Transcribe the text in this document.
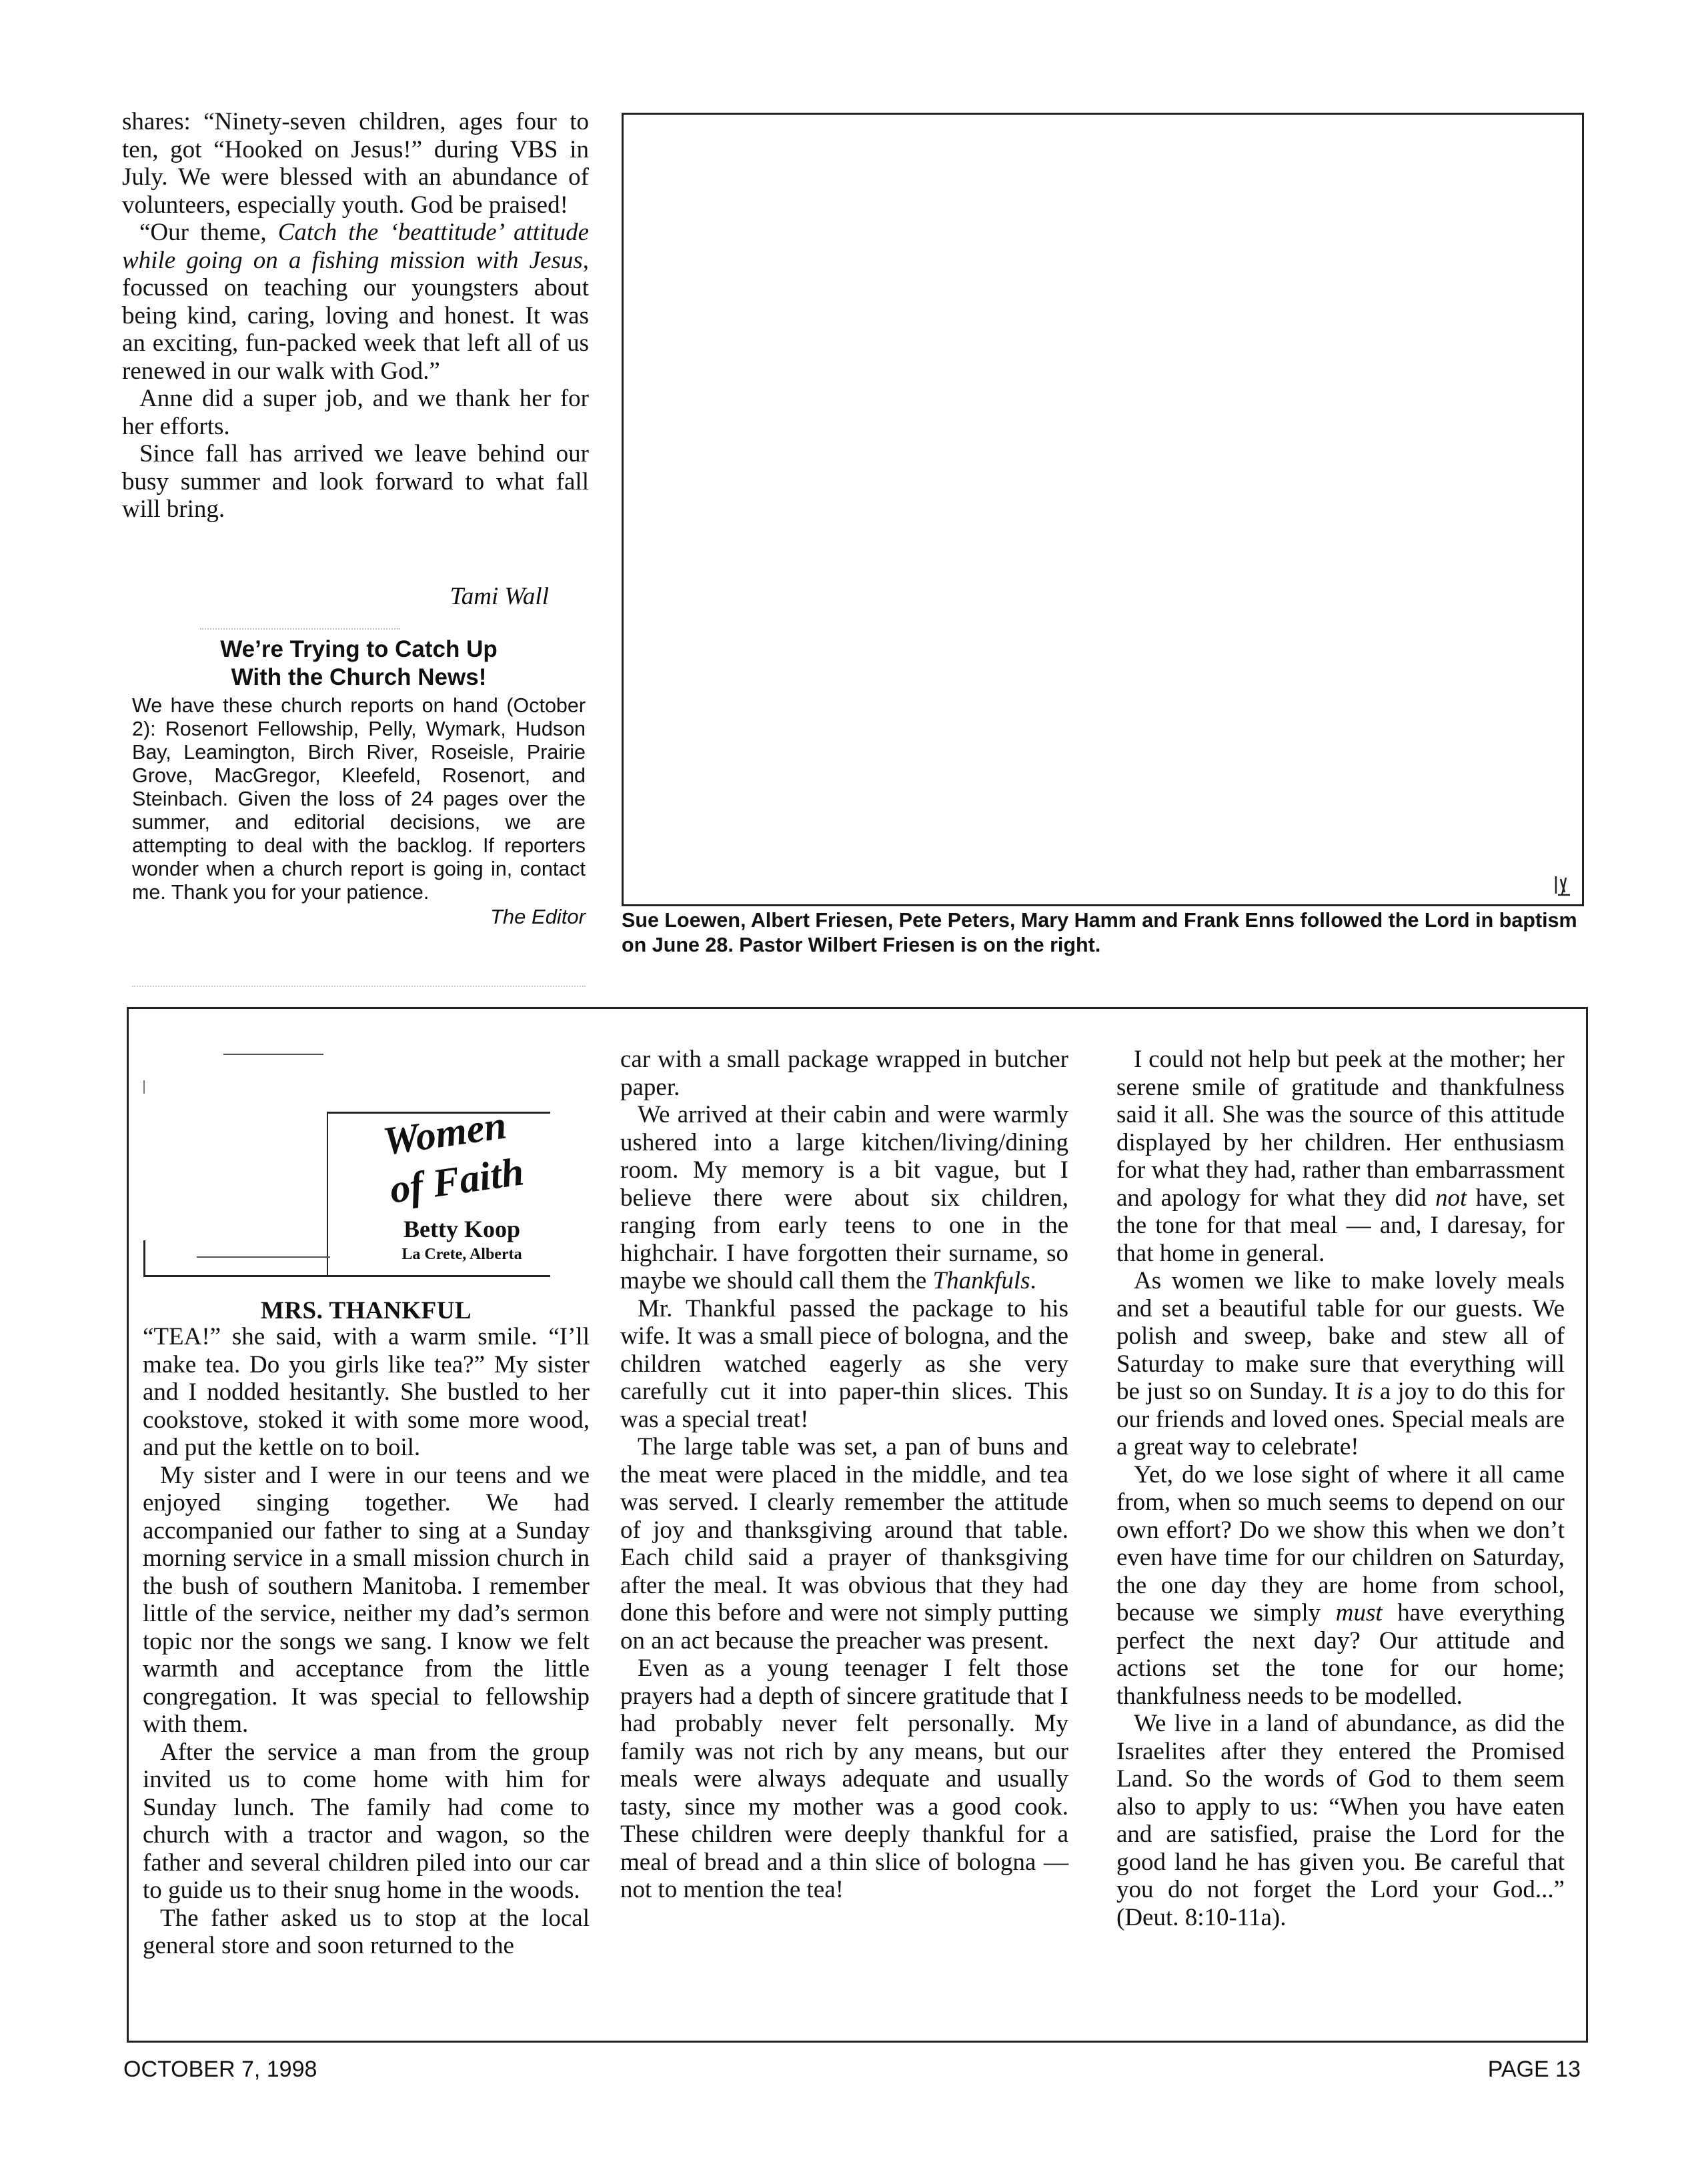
shares: “Ninety-seven children, ages four to ten, got “Hooked on Jesus!” during VBS in July. We were blessed with an abundance of volunteers, especially youth. God be praised!

“Our theme, Catch the ‘beattitude’ attitude while going on a fishing mission with Jesus, focussed on teaching our youngsters about being kind, caring, loving and honest. It was an exciting, fun-packed week that left all of us renewed in our walk with God.”

Anne did a super job, and we thank her for her efforts.

Since fall has arrived we leave behind our busy summer and look forward to what fall will bring.

Tami Wall
We’re Trying to Catch Up
With the Church News!

We have these church reports on hand (October 2): Rosenort Fellowship, Pelly, Wymark, Hudson Bay, Leamington, Birch River, Roseisle, Prairie Grove, MacGregor, Kleefeld, Rosenort, and Steinbach. Given the loss of 24 pages over the summer, and editorial decisions, we are attempting to deal with the backlog. If reporters wonder when a church report is going in, contact me. Thank you for your patience.

The Editor Sue Loewen, Albert Friesen, Pete Peters, Mary Hamm and Frank Enns followed the Lord in baptism on June 28. Pastor Wilbert Friesen is on the right.

Women
of Faith
Betty Koop
La Crete, Alberta
MRS. THANKFUL

“TEA!” she said, with a warm smile. “I’ll make tea. Do you girls like tea?” My sister and I nodded hesitantly. She bustled to her cookstove, stoked it with some more wood, and put the kettle on to boil.

My sister and I were in our teens and we enjoyed singing together. We had accompanied our father to sing at a Sunday morning service in a small mission church in the bush of southern Manitoba. I remember little of the service, neither my dad’s sermon topic nor the songs we sang. I know we felt warmth and acceptance from the little congregation. It was special to fellowship with them.

After the service a man from the group invited us to come home with him for Sunday lunch. The family had come to church with a tractor and wagon, so the father and several children piled into our car to guide us to their snug home in the woods.

The father asked us to stop at the local general store and soon returned to the

car with a small package wrapped in butcher paper.

We arrived at their cabin and were warmly ushered into a large kitchen/living/dining room. My memory is a bit vague, but I believe there were about six children, ranging from early teens to one in the highchair. I have forgotten their surname, so maybe we should call them the Thankfuls.

Mr. Thankful passed the package to his wife. It was a small piece of bologna, and the children watched eagerly as she very carefully cut it into paper-thin slices. This was a special treat!

The large table was set, a pan of buns and the meat were placed in the middle, and tea was served. I clearly remember the attitude of joy and thanksgiving around that table. Each child said a prayer of thanksgiving after the meal. It was obvious that they had done this before and were not simply putting on an act because the preacher was present.

Even as a young teenager I felt those prayers had a depth of sincere gratitude that I had probably never felt personally. My family was not rich by any means, but our meals were always adequate and usually tasty, since my mother was a good cook. These children were deeply thankful for a meal of bread and a thin slice of bologna — not to mention the tea!

I could not help but peek at the mother; her serene smile of gratitude and thankfulness said it all. She was the source of this attitude displayed by her children. Her enthusiasm for what they had, rather than embarrassment and apology for what they did not have, set the tone for that meal — and, I daresay, for that home in general.

As women we like to make lovely meals and set a beautiful table for our guests. We polish and sweep, bake and stew all of Saturday to make sure that everything will be just so on Sunday. It is a joy to do this for our friends and loved ones. Special meals are a great way to celebrate!

Yet, do we lose sight of where it all came from, when so much seems to depend on our own effort? Do we show this when we don’t even have time for our children on Saturday, the one day they are home from school, because we simply must have everything perfect the next day? Our attitude and actions set the tone for our home; thankfulness needs to be modelled.

We live in a land of abundance, as did the Israelites after they entered the Promised Land. So the words of God to them seem also to apply to us: “When you have eaten and are satisfied, praise the Lord for the good land he has given you. Be careful that you do not forget the Lord your God...” (Deut. 8:10-11a).

OCTOBER 7, 1998	PAGE 13
